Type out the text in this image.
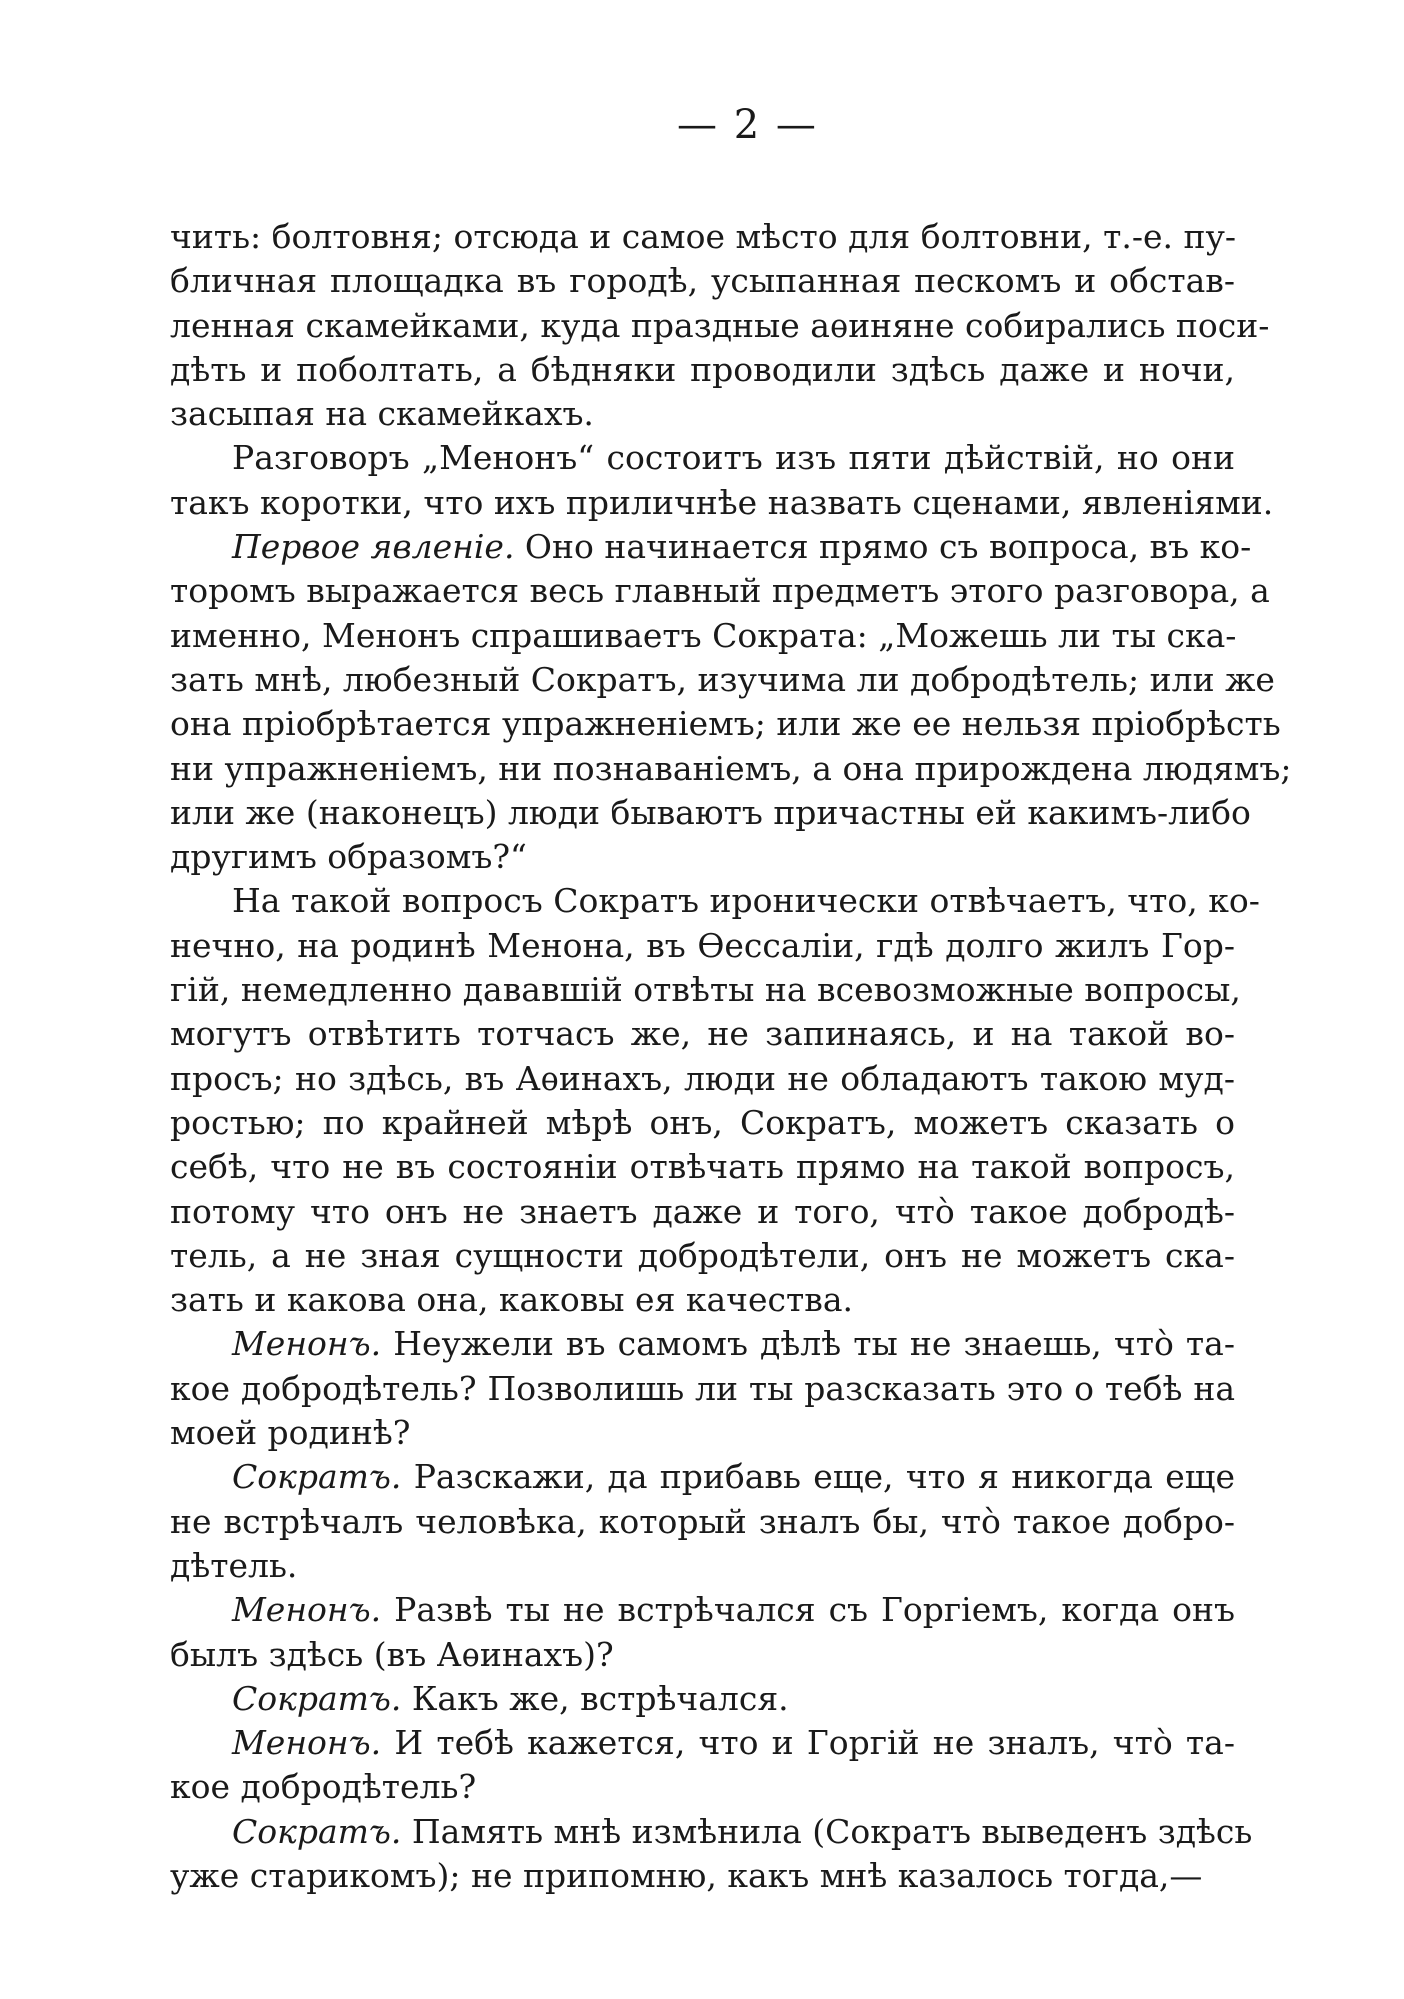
— 2 —
чить: болтовня; отсюда и самое мѣсто для болтовни, т.-е. пу-
бличная площадка въ городѣ, усыпанная пескомъ и обстав-
ленная скамейками, куда праздные аѳиняне собирались поси-
дѣть и поболтать, а бѣдняки проводили здѣсь даже и ночи,
засыпая на скамейкахъ.
Разговоръ „Менонъ“ состоитъ изъ пяти дѣйствій, но они
такъ коротки, что ихъ приличнѣе назвать сценами, явленіями.
Первое явленіе. Оно начинается прямо съ вопроса, въ ко-
торомъ выражается весь главный предметъ этого разговора, а
именно, Менонъ спрашиваетъ Сократа: „Можешь ли ты ска-
зать мнѣ, любезный Сократъ, изучима ли добродѣтель; или же
она пріобрѣтается упражненіемъ; или же ее нельзя пріобрѣсть
ни упражненіемъ, ни познаваніемъ, а она прирождена людямъ;
или же (наконецъ) люди бываютъ причастны ей какимъ-либо
другимъ образомъ?“
На такой вопросъ Сократъ иронически отвѣчаетъ, что, ко-
нечно, на родинѣ Менона, въ Ѳессаліи, гдѣ долго жилъ Гор-
гій, немедленно дававшій отвѣты на всевозможные вопросы,
могутъ отвѣтить тотчасъ же, не запинаясь, и на такой во-
просъ; но здѣсь, въ Аѳинахъ, люди не обладаютъ такою муд-
ростью; по крайней мѣрѣ онъ, Сократъ, можетъ сказать о
себѣ, что не въ состояніи отвѣчать прямо на такой вопросъ,
потому что онъ не знаетъ даже и того, чтò такое добродѣ-
тель, а не зная сущности добродѣтели, онъ не можетъ ска-
зать и какова она, каковы ея качества.
Менонъ. Неужели въ самомъ дѣлѣ ты не знаешь, чтò та-
кое добродѣтель? Позволишь ли ты разсказать это о тебѣ на
моей родинѣ?
Сократъ. Разскажи, да прибавь еще, что я никогда еще
не встрѣчалъ человѣка, который зналъ бы, чтò такое добро-
дѣтель.
Менонъ. Развѣ ты не встрѣчался съ Горгіемъ, когда онъ
былъ здѣсь (въ Аѳинахъ)?
Сократъ. Какъ же, встрѣчался.
Менонъ. И тебѣ кажется, что и Горгій не зналъ, чтò та-
кое добродѣтель?
Сократъ. Память мнѣ измѣнила (Сократъ выведенъ здѣсь
уже старикомъ); не припомню, какъ мнѣ казалось тогда,—
